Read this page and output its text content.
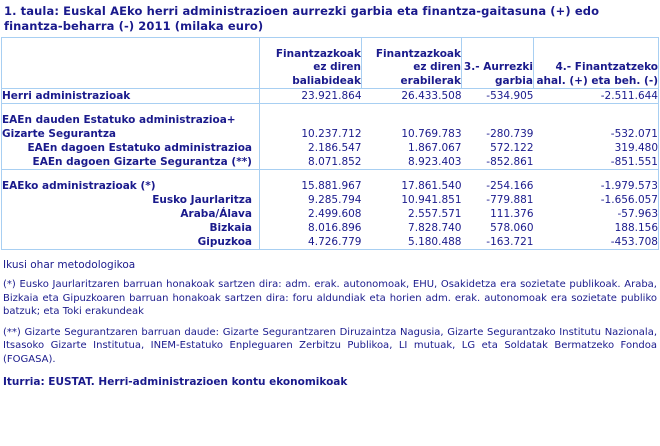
1. taula: Euskal AEko herri administrazioen aurrezki garbia eta finantza-gaitasuna (+) edo finantza-beharra (-) 2011 (milaka euro)
	Finantzazkoak ez diren baliabideak	Finantzazkoak ez diren erabilerak	3.- Aurrezki garbia	4.- Finantzatzeko ahal. (+) eta beh. (-)
Herri administrazioak	23.921.864	26.433.508	-534.905	-2.511.644

EAEn dauden Estatuko administrazioa+ Gizarte Segurantza	10.237.712	10.769.783	-280.739	-532.071
EAEn dagoen Estatuko administrazioa	2.186.547	1.867.067	572.122	319.480
EAEn dagoen Gizarte Segurantza (**)	8.071.852	8.923.403	-852.861	-851.551

EAEko administrazioak (*)	15.881.967	17.861.540	-254.166	-1.979.573
Eusko Jaurlaritza	9.285.794	10.941.851	-779.881	-1.656.057
Araba/Álava	2.499.608	2.557.571	111.376	-57.963
Bizkaia	8.016.896	7.828.740	578.060	188.156
Gipuzkoa	4.726.779	5.180.488	-163.721	-453.708
Ikusi ohar metodologikoa
(*) Eusko Jaurlaritzaren barruan honakoak sartzen dira: adm. erak. autonomoak, EHU, Osakidetza era sozietate publikoak. Araba, Bizkaia eta Gipuzkoaren barruan honakoak sartzen dira: foru aldundiak eta horien adm. erak. autonomoak era sozietate publiko batzuk; eta Toki erakundeak
(**) Gizarte Segurantzaren barruan daude: Gizarte Segurantzaren Diruzaintza Nagusia, Gizarte Segurantzako Institutu Nazionala, Itsasoko Gizarte Institutua, INEM-Estatuko Enpleguaren Zerbitzu Publikoa, LI mutuak, LG eta Soldatak Bermatzeko Fondoa (FOGASA).
Iturria: EUSTAT. Herri-administrazioen kontu ekonomikoak
